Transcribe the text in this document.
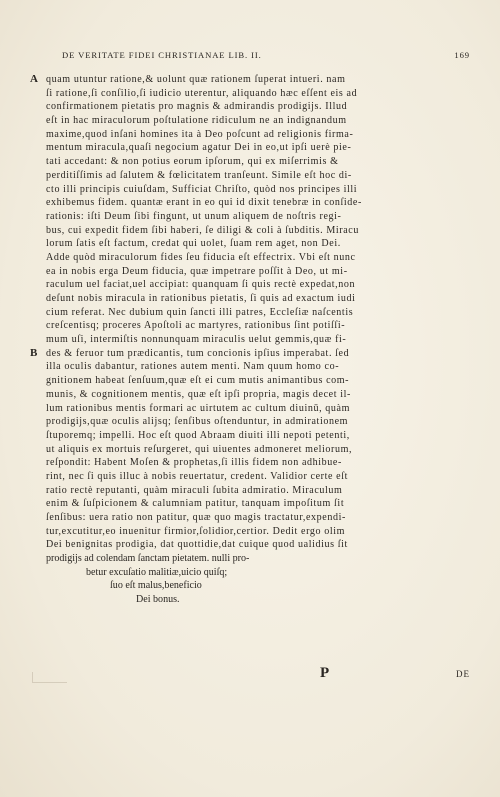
DE VERITATE FIDEI CHRISTIANAE LIB. II.	169
A quam utuntur ratione,& uolunt quæ rationem ſuperat intueri. nam
ſi ratione,ſi conſilio,ſi iudicio uterentur, aliquando hæc eſſent eis ad
confirmationem pietatis pro magnis & admirandis prodigijs. Illud
eſt in hac miraculorum poſtulatione ridiculum ne an indignandum
maxime,quod inſani homines ita à Deo poſcunt ad religionis firma-
mentum miracula,quaſi negocium agatur Dei in eo,ut ipſi uerè pie-
tati accedant: & non potius eorum ipſorum, qui ex miſerrimis &
perditiſſimis ad ſalutem & fœlicitatem tranſeunt. Simile eſt hoc di-
cto illi principis cuiuſdam, Sufficiat Chriſto, quòd nos principes illi
exhibemus fidem. quantæ erant in eo qui id dixit tenebræ in conſide-
rationis: iſti Deum ſibi fingunt, ut unum aliquem de noſtris regi-
bus, cui expedit fidem ſibi haberi, ſe diligi & coli à ſubditis. Miracu
lorum ſatis eſt factum, credat qui uolet, ſuam rem aget, non Dei.
Adde quòd miraculorum fides ſeu fiducia eſt effectrix. Vbi eſt nunc
ea in nobis erga Deum fiducia, quæ impetrare poſſit à Deo, ut mi-
raculum uel faciat,uel accipiat: quanquam ſi quis rectè expedat,non
deſunt nobis miracula in rationibus pietatis, ſi quis ad exactum iudi
cium referat. Nec dubium quin ſancti illi patres, Eccleſiæ naſcentis
creſcentisq; proceres Apoſtoli ac martyres, rationibus ſint potiſſi-
mum uſi, intermiſtis nonnunquam miraculis uelut gemmis,quæ fi-
B des & feruor tum prædicantis, tum concionis ipſius imperabat. ſed
illa oculis dabantur, rationes autem menti. Nam quum homo co-
gnitionem habeat ſenſuum,quæ eſt ei cum mutis animantibus com-
munis, & cognitionem mentis, quæ eſt ipſi propria, magis decet il-
lum rationibus mentis formari ac uirtutem ac cultum diuinū, quàm
prodigijs,quæ oculis alijsq; ſenſibus oſtenduntur, in admirationem
ſtuporemq; impelli. Hoc eſt quod Abraam diuiti illi nepoti petenti,
ut aliquis ex mortuis reſurgeret, qui uiuentes admoneret meliorum,
reſpondit: Habent Moſen & prophetas,ſi illis fidem non adhibue-
rint, nec ſi quis illuc à nobis reuertatur, credent. Validior certe eſt
ratio rectè reputanti, quàm miraculi ſubita admiratio. Miraculum
enim & ſuſpicionem & calumniam patitur, tanquam impoſitum ſit
ſenſibus: uera ratio non patitur, quæ quo magis tractatur,expendi-
tur,excutitur,eo inuenitur firmior,ſolidior,certior. Dedit ergo olim
Dei benignitas prodigia, dat quottidie,dat cuique quod ualidius ſit
prodigijs ad colendam ſanctam pietatem. nulli pro-
betur excuſatio malitiæ,uicio quiſq;
ſuo eſt malus,beneficio
Dei bonus.
P	DE
